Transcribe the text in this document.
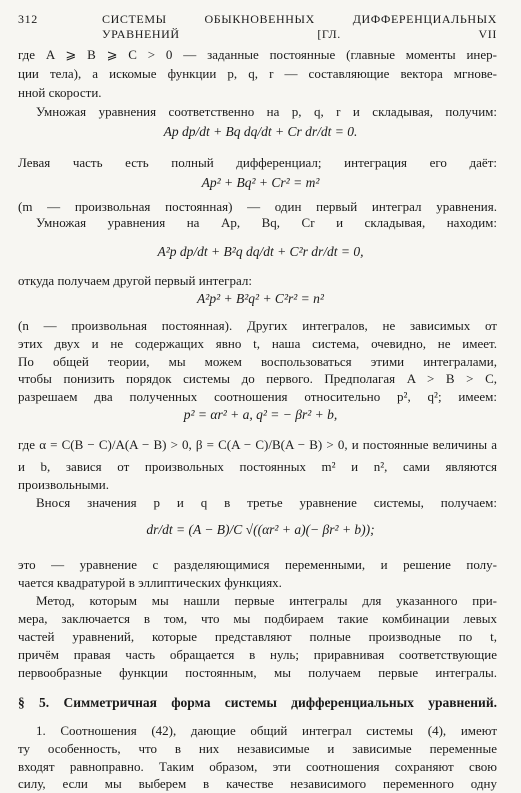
312	СИСТЕМЫ ОБЫКНОВЕННЫХ ДИФФЕРЕНЦИАЛЬНЫХ УРАВНЕНИЙ [ГЛ. VII
где A ⩾ B ⩾ C > 0 — заданные постоянные (главные моменты инер-
ции тела), а искомые функции p, q, r — составляющие вектора мгнове-
нной скорости.
Умножая уравнения соответственно на p, q, r и складывая, получим:
Ap dp/dt + Bq dq/dt + Cr dr/dt = 0.
Левая часть есть полный дифференциал; интеграция его даёт:
Ap² + Bq² + Cr² = m²
(m — произвольная постоянная) — один первый интеграл уравнения.
Умножая уравнения на Ap, Bq, Cr и складывая, находим:
A²p dp/dt + B²q dq/dt + C²r dr/dt = 0,
откуда получаем другой первый интеграл:
A²p² + B²q² + C²r² = n²
(n — произвольная постоянная). Других интегралов, не зависимых от
этих двух и не содержащих явно t, наша система, очевидно, не имеет.
По общей теории, мы можем воспользоваться этими интегралами,
чтобы понизить порядок системы до первого. Предполагая A > B > C,
разрешаем два полученных соотношения относительно p², q²; имеем:
p² = αr² + a, q² = − βr² + b,
где α = C(B − C)/A(A − B) > 0, β = C(A − C)/B(A − B) > 0, и постоянные величины a
и b, завися от произвольных постоянных m² и n², сами являются
произвольными.
Внося значения p и q в третье уравнение системы, получаем:
dr/dt = (A − B)/C √((αr² + a)(− βr² + b));
это — уравнение с разделяющимися переменными, и решение полу-
чается квадратурой в эллиптических функциях.
Метод, которым мы нашли первые интегралы для указанного при-
мера, заключается в том, что мы подбираем такие комбинации левых
частей уравнений, которые представляют полные производные по t,
причём правая часть обращается в нуль; приравнивая соответствующие
первообразные функции постоянным, мы получаем первые интегралы.
§ 5. Симметричная форма системы дифференциальных уравнений.
1. Соотношения (42), дающие общий интеграл системы (4), имеют
ту особенность, что в них независимые и зависимые переменные
входят равноправно. Таким образом, эти соотношения сохраняют свою
силу, если мы выберем в качестве независимого переменного одну
